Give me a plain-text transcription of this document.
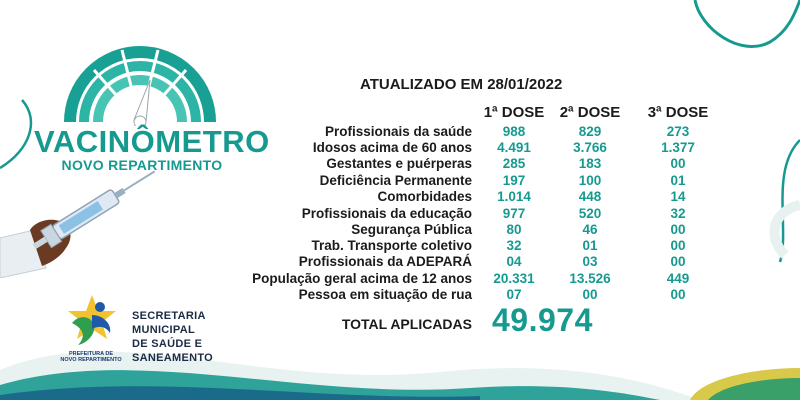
VACINÔMETRO
NOVO REPARTIMENTO
PREFEITURA DE
NOVO REPARTIMENTO
SECRETARIA
MUNICIPAL
DE SAÚDE E
SANEAMENTO
ATUALIZADO EM 28/01/2022
1ª DOSE	2ª DOSE	3ª DOSE
Profissionais da saúde	988	829	273
Idosos acima de 60 anos	4.491	3.766	1.377
Gestantes e puérperas	285	183	00
Deficiência Permanente	197	100	01
Comorbidades	1.014	448	14
Profissionais da educação	977	520	32
Segurança Pública	80	46	00
Trab. Transporte coletivo	32	01	00
Profissionais da ADEPARÁ	04	03	00
População geral acima de 12 anos	20.331	13.526	449
Pessoa em situação de rua	07	00	00
TOTAL APLICADAS 49.974
